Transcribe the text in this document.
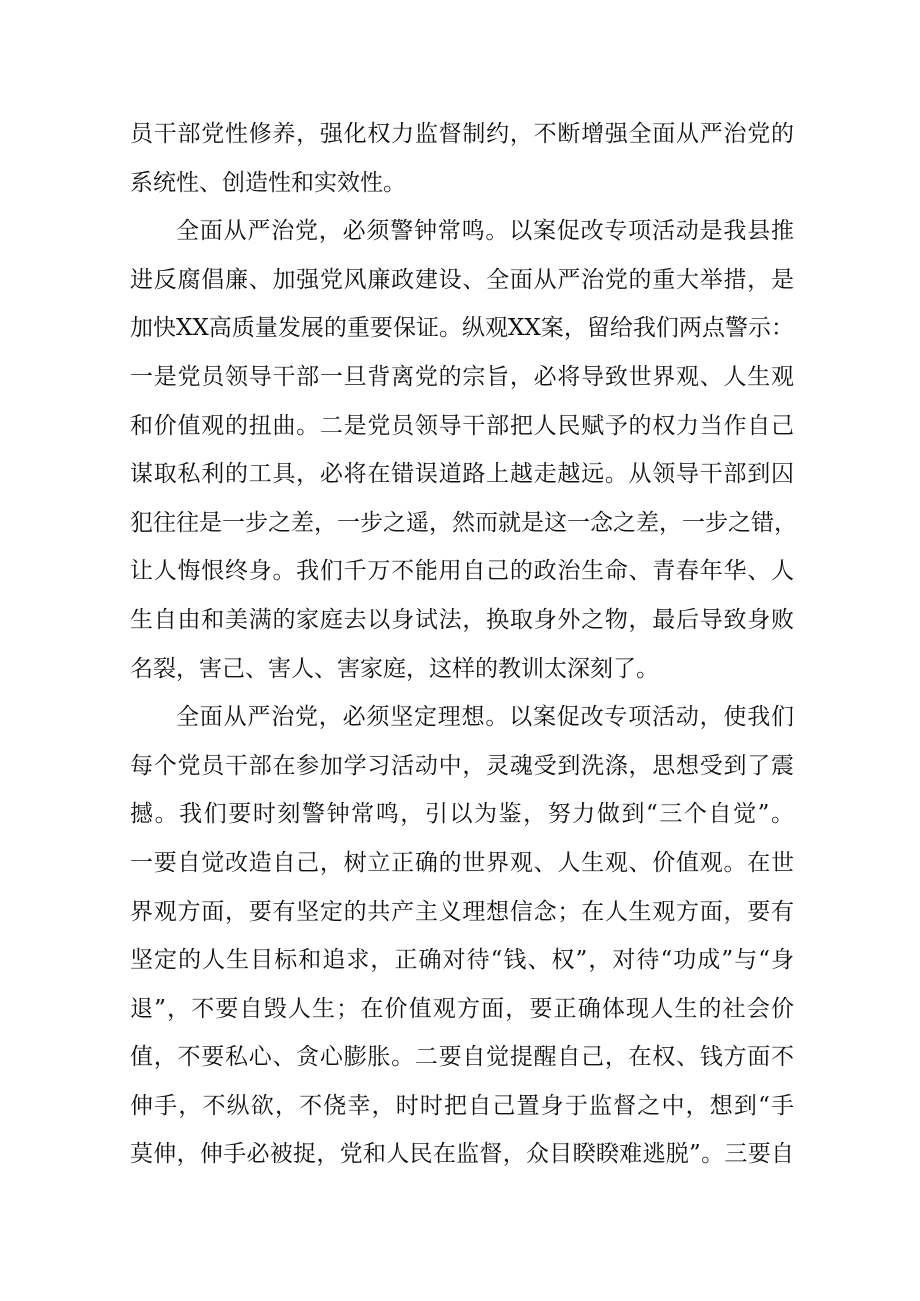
员干部党性修养，强化权力监督制约，不断增强全面从严治党的
系统性、创造性和实效性。
全面从严治党，必须警钟常鸣。以案促改专项活动是我县推
进反腐倡廉、加强党风廉政建设、全面从严治党的重大举措，是
加快XX高质量发展的重要保证。纵观XX案，留给我们两点警示：
一是党员领导干部一旦背离党的宗旨，必将导致世界观、人生观
和价值观的扭曲。二是党员领导干部把人民赋予的权力当作自己
谋取私利的工具，必将在错误道路上越走越远。从领导干部到囚
犯往往是一步之差，一步之遥，然而就是这一念之差，一步之错，
让人悔恨终身。我们千万不能用自己的政治生命、青春年华、人
生自由和美满的家庭去以身试法，换取身外之物，最后导致身败
名裂，害己、害人、害家庭，这样的教训太深刻了。
全面从严治党，必须坚定理想。以案促改专项活动，使我们
每个党员干部在参加学习活动中，灵魂受到洗涤，思想受到了震
撼。我们要时刻警钟常鸣，引以为鉴，努力做到“三个自觉”。
一要自觉改造自己，树立正确的世界观、人生观、价值观。在世
界观方面，要有坚定的共产主义理想信念；在人生观方面，要有
坚定的人生目标和追求，正确对待“钱、权”，对待“功成”与“身
退”，不要自毁人生；在价值观方面，要正确体现人生的社会价
值，不要私心、贪心膨胀。二要自觉提醒自己，在权、钱方面不
伸手，不纵欲，不侥幸，时时把自己置身于监督之中，想到“手
莫伸，伸手必被捉，党和人民在监督，众目睽睽难逃脱”。三要自
